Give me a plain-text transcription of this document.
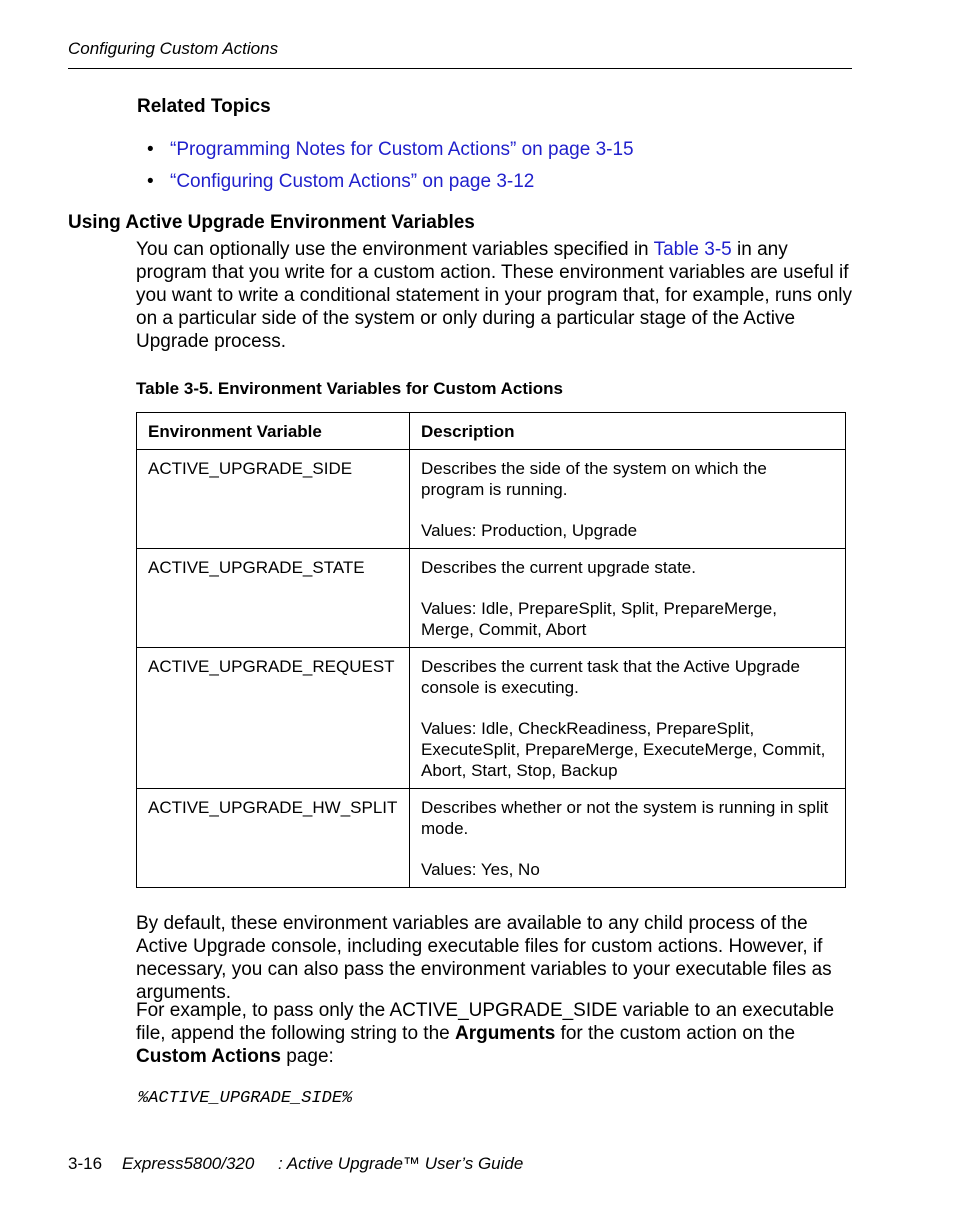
Configuring Custom Actions
Related Topics
• “Programming Notes for Custom Actions” on page 3-15
• “Configuring Custom Actions” on page 3-12
Using Active Upgrade Environment Variables
You can optionally use the environment variables specified in Table 3-5 in any program that you write for a custom action. These environment variables are useful if you want to write a conditional statement in your program that, for example, runs only on a particular side of the system or only during a particular stage of the Active Upgrade process.
Table 3-5. Environment Variables for Custom Actions
Environment Variable	Description
ACTIVE_UPGRADE_SIDE	Describes the side of the system on which the program is running.
Values: Production, Upgrade

ACTIVE_UPGRADE_STATE	Describes the current upgrade state.
Values: Idle, PrepareSplit, Split, PrepareMerge, Merge, Commit, Abort

ACTIVE_UPGRADE_REQUEST	Describes the current task that the Active Upgrade console is executing.
Values: Idle, CheckReadiness, PrepareSplit, ExecuteSplit, PrepareMerge, ExecuteMerge, Commit, Abort, Start, Stop, Backup

ACTIVE_UPGRADE_HW_SPLIT	Describes whether or not the system is running in split mode.
Values: Yes, No
By default, these environment variables are available to any child process of the Active Upgrade console, including executable files for custom actions. However, if necessary, you can also pass the environment variables to your executable files as arguments.
For example, to pass only the ACTIVE_UPGRADE_SIDE variable to an executable file, append the following string to the Arguments for the custom action on the Custom Actions page:
%ACTIVE_UPGRADE_SIDE%
3-16 Express5800/320     : Active Upgrade™ User’s Guide
